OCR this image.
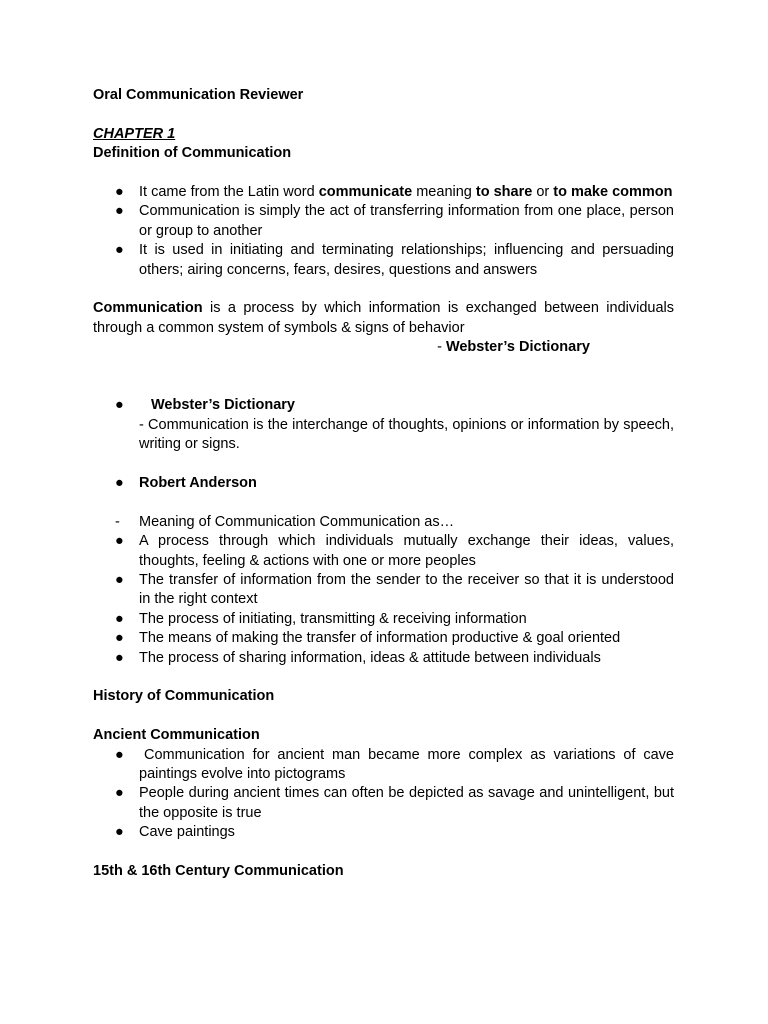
Oral Communication Reviewer

CHAPTER 1

Definition of Communication

● It came from the Latin word communicate meaning to share or to make common
● Communication is simply the act of transferring information from one place, person or group to another
● It is used in initiating and terminating relationships; influencing and persuading others; airing concerns, fears, desires, questions and answers

Communication is a process by which information is exchanged between individuals through a common system of symbols & signs of behavior

- Webster’s Dictionary

● Webster’s Dictionary

- Communication is the interchange of thoughts, opinions or information by speech, writing or signs.

● Robert Anderson
- Meaning of Communication Communication as…
● A process through which individuals mutually exchange their ideas, values, thoughts, feeling & actions with one or more peoples
● The transfer of information from the sender to the receiver so that it is understood in the right context
● The process of initiating, transmitting & receiving information
● The means of making the transfer of information productive & goal oriented
● The process of sharing information, ideas & attitude between individuals

History of Communication

Ancient Communication

● Communication for ancient man became more complex as variations of cave paintings evolve into pictograms
● People during ancient times can often be depicted as savage and unintelligent, but the opposite is true
● Cave paintings

15th & 16th Century Communication
